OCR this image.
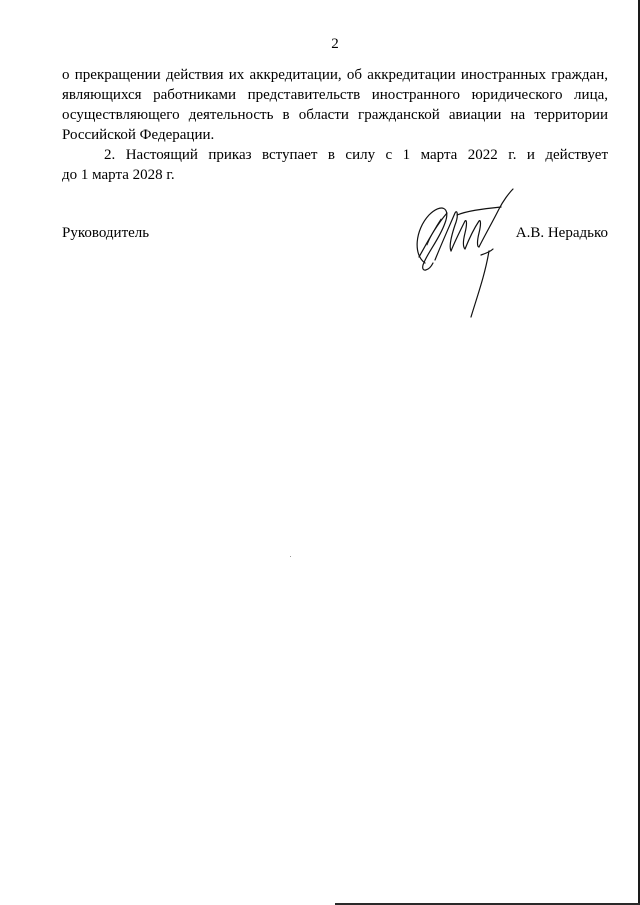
2
о прекращении действия их аккредитации, об аккредитации иностранных граждан,
являющихся работниками представительств иностранного юридического лица,
осуществляющего деятельность в области гражданской авиации на территории
Российской Федерации.
2. Настоящий приказ вступает в силу с 1 марта 2022 г. и действует
до 1 марта 2028 г.
Руководитель	А.В. Нерадько
